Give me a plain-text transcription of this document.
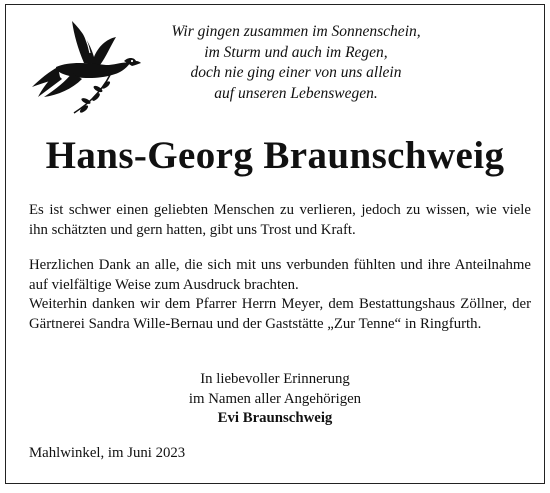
Wir gingen zusammen im Sonnenschein,
im Sturm und auch im Regen,
doch nie ging einer von uns allein
auf unseren Lebenswegen.
Hans-Georg Braunschweig
Es ist schwer einen geliebten Menschen zu verlieren, jedoch zu wissen, wie viele ihn schätzten und gern hatten, gibt uns Trost und Kraft.
Herzlichen Dank an alle, die sich mit uns verbunden fühlten und ihre Anteilnahme auf vielfältige Weise zum Ausdruck brachten.
Weiterhin danken wir dem Pfarrer Herrn Meyer, dem Bestattungshaus Zöllner, der Gärtnerei Sandra Wille-Bernau und der Gaststätte „Zur Tenne“ in Ringfurth.
In liebevoller Erinnerung
im Namen aller Angehörigen
Evi Braunschweig
Mahlwinkel, im Juni 2023
